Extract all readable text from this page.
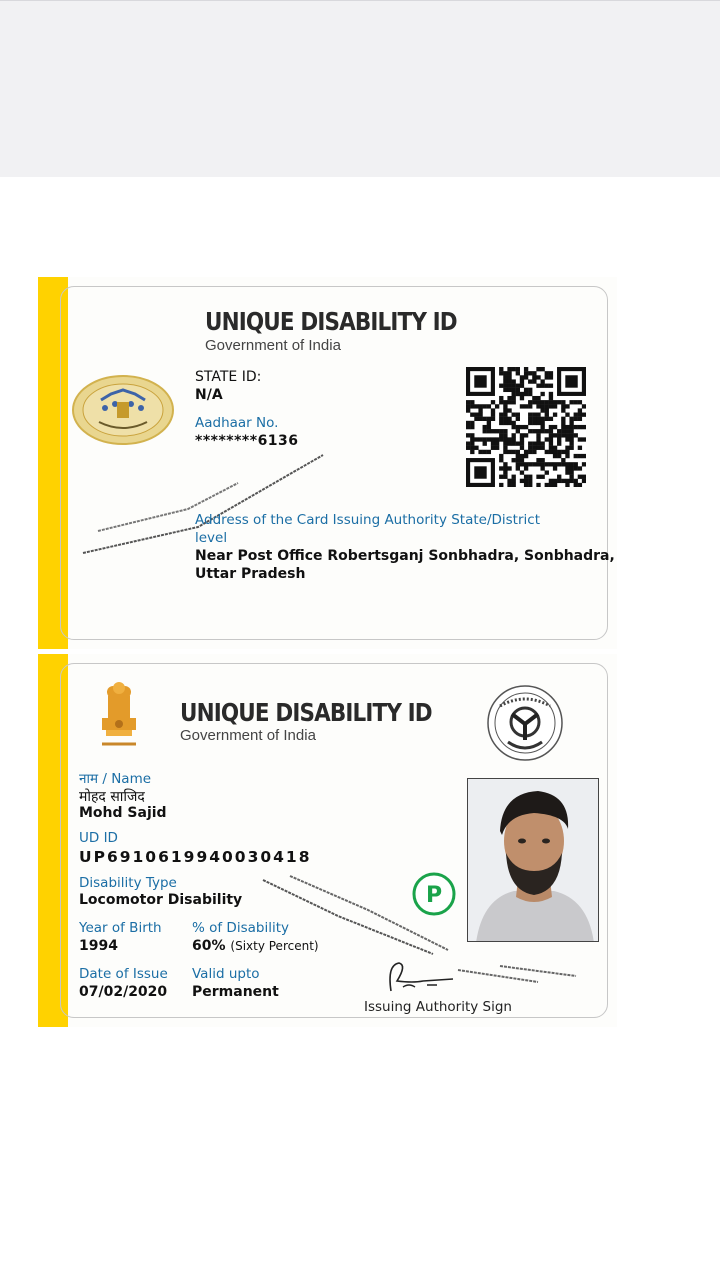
UNIQUE DISABILITY ID
Government of India
STATE ID:
N/A
Aadhaar No.
********6136
Address of the Card Issuing Authority State/District
level
Near Post Office Robertsganj Sonbhadra, Sonbhadra,
Uttar Pradesh
UNIQUE DISABILITY ID
Government of India
नाम / Name
मोहद साजिद
Mohd Sajid
UD ID
UP6910619940030418
Disability Type
Locomotor Disability
Year of Birth
1994
% of Disability
60% (Sixty Percent)
Date of Issue
07/02/2020
Valid upto
Permanent
P
Issuing Authority Sign
